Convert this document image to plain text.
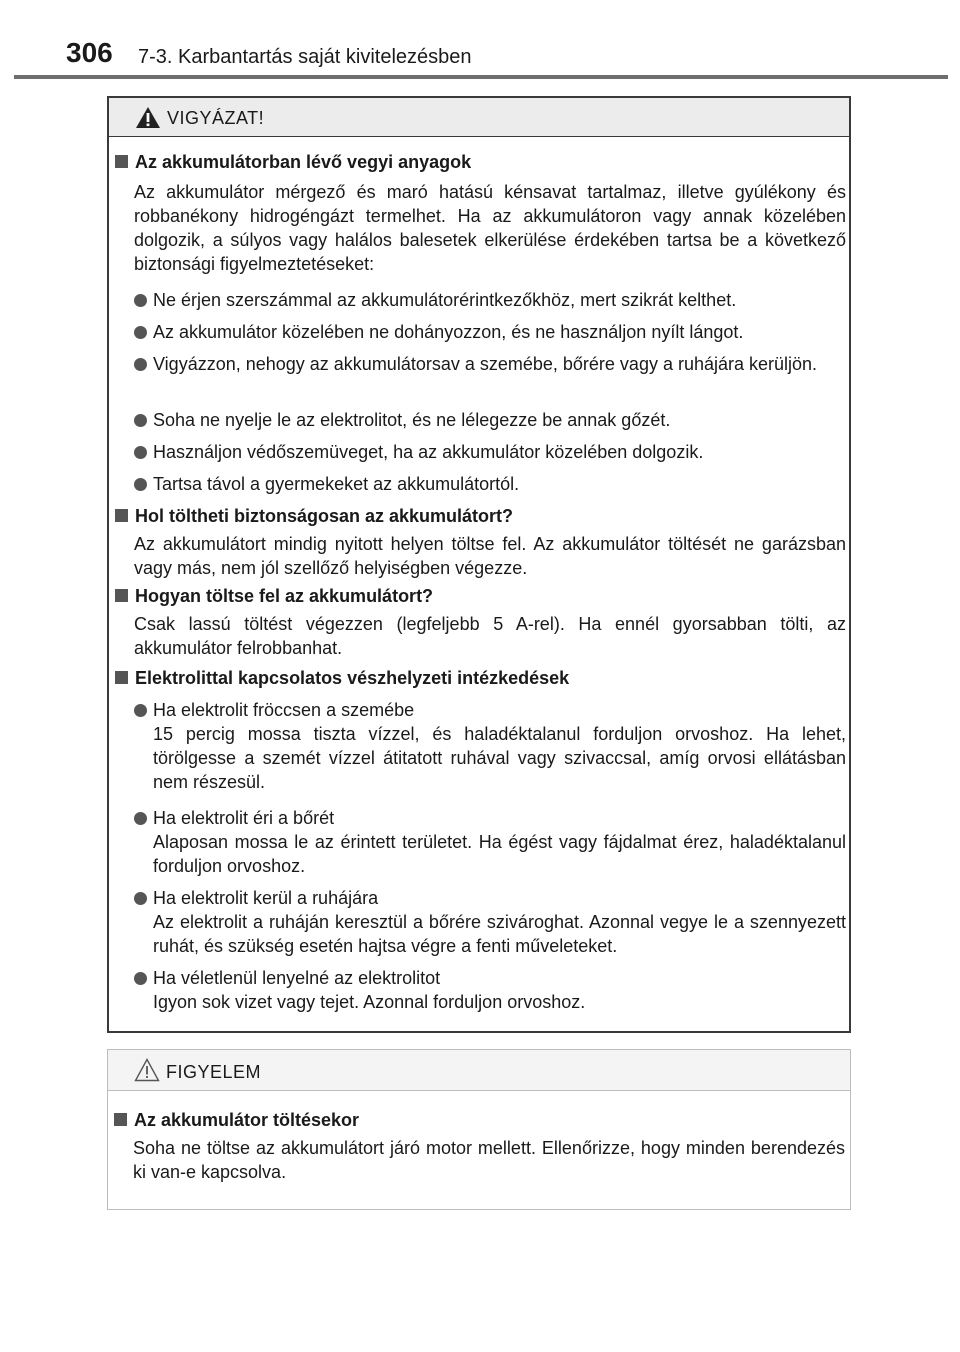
306 7-3. Karbantartás saját kivitelezésben
VIGYÁZAT!
Az akkumulátorban lévő vegyi anyagok
Az akkumulátor mérgező és maró hatású kénsavat tartalmaz, illetve gyúlékony és robbanékony hidrogéngázt termelhet. Ha az akkumulátoron vagy annak közelében dolgozik, a súlyos vagy halálos balesetek elkerülése érdekében tartsa be a következő biztonsági figyelmeztetéseket:
Ne érjen szerszámmal az akkumulátorérintkezőkhöz, mert szikrát kelthet.
Az akkumulátor közelében ne dohányozzon, és ne használjon nyílt lángot.
Vigyázzon, nehogy az akkumulátorsav a szemébe, bőrére vagy a ruhájára kerüljön.
Soha ne nyelje le az elektrolitot, és ne lélegezze be annak gőzét.
Használjon védőszemüveget, ha az akkumulátor közelében dolgozik.
Tartsa távol a gyermekeket az akkumulátortól.
Hol töltheti biztonságosan az akkumulátort?
Az akkumulátort mindig nyitott helyen töltse fel. Az akkumulátor töltését ne garázsban vagy más, nem jól szellőző helyiségben végezze.
Hogyan töltse fel az akkumulátort?
Csak lassú töltést végezzen (legfeljebb 5 A-rel). Ha ennél gyorsabban tölti, az akkumulátor felrobbanhat.
Elektrolittal kapcsolatos vészhelyzeti intézkedések
Ha elektrolit fröccsen a szemébe
15 percig mossa tiszta vízzel, és haladéktalanul forduljon orvoshoz. Ha lehet, törölgesse a szemét vízzel átitatott ruhával vagy szivaccsal, amíg orvosi ellátásban nem részesül.
Ha elektrolit éri a bőrét
Alaposan mossa le az érintett területet. Ha égést vagy fájdalmat érez, haladéktalanul forduljon orvoshoz.
Ha elektrolit kerül a ruhájára
Az elektrolit a ruháján keresztül a bőrére szivároghat. Azonnal vegye le a szennyezett ruhát, és szükség esetén hajtsa végre a fenti műveleteket.
Ha véletlenül lenyelné az elektrolitot
Igyon sok vizet vagy tejet. Azonnal forduljon orvoshoz.
FIGYELEM
Az akkumulátor töltésekor
Soha ne töltse az akkumulátort járó motor mellett. Ellenőrizze, hogy minden berendezés ki van-e kapcsolva.
